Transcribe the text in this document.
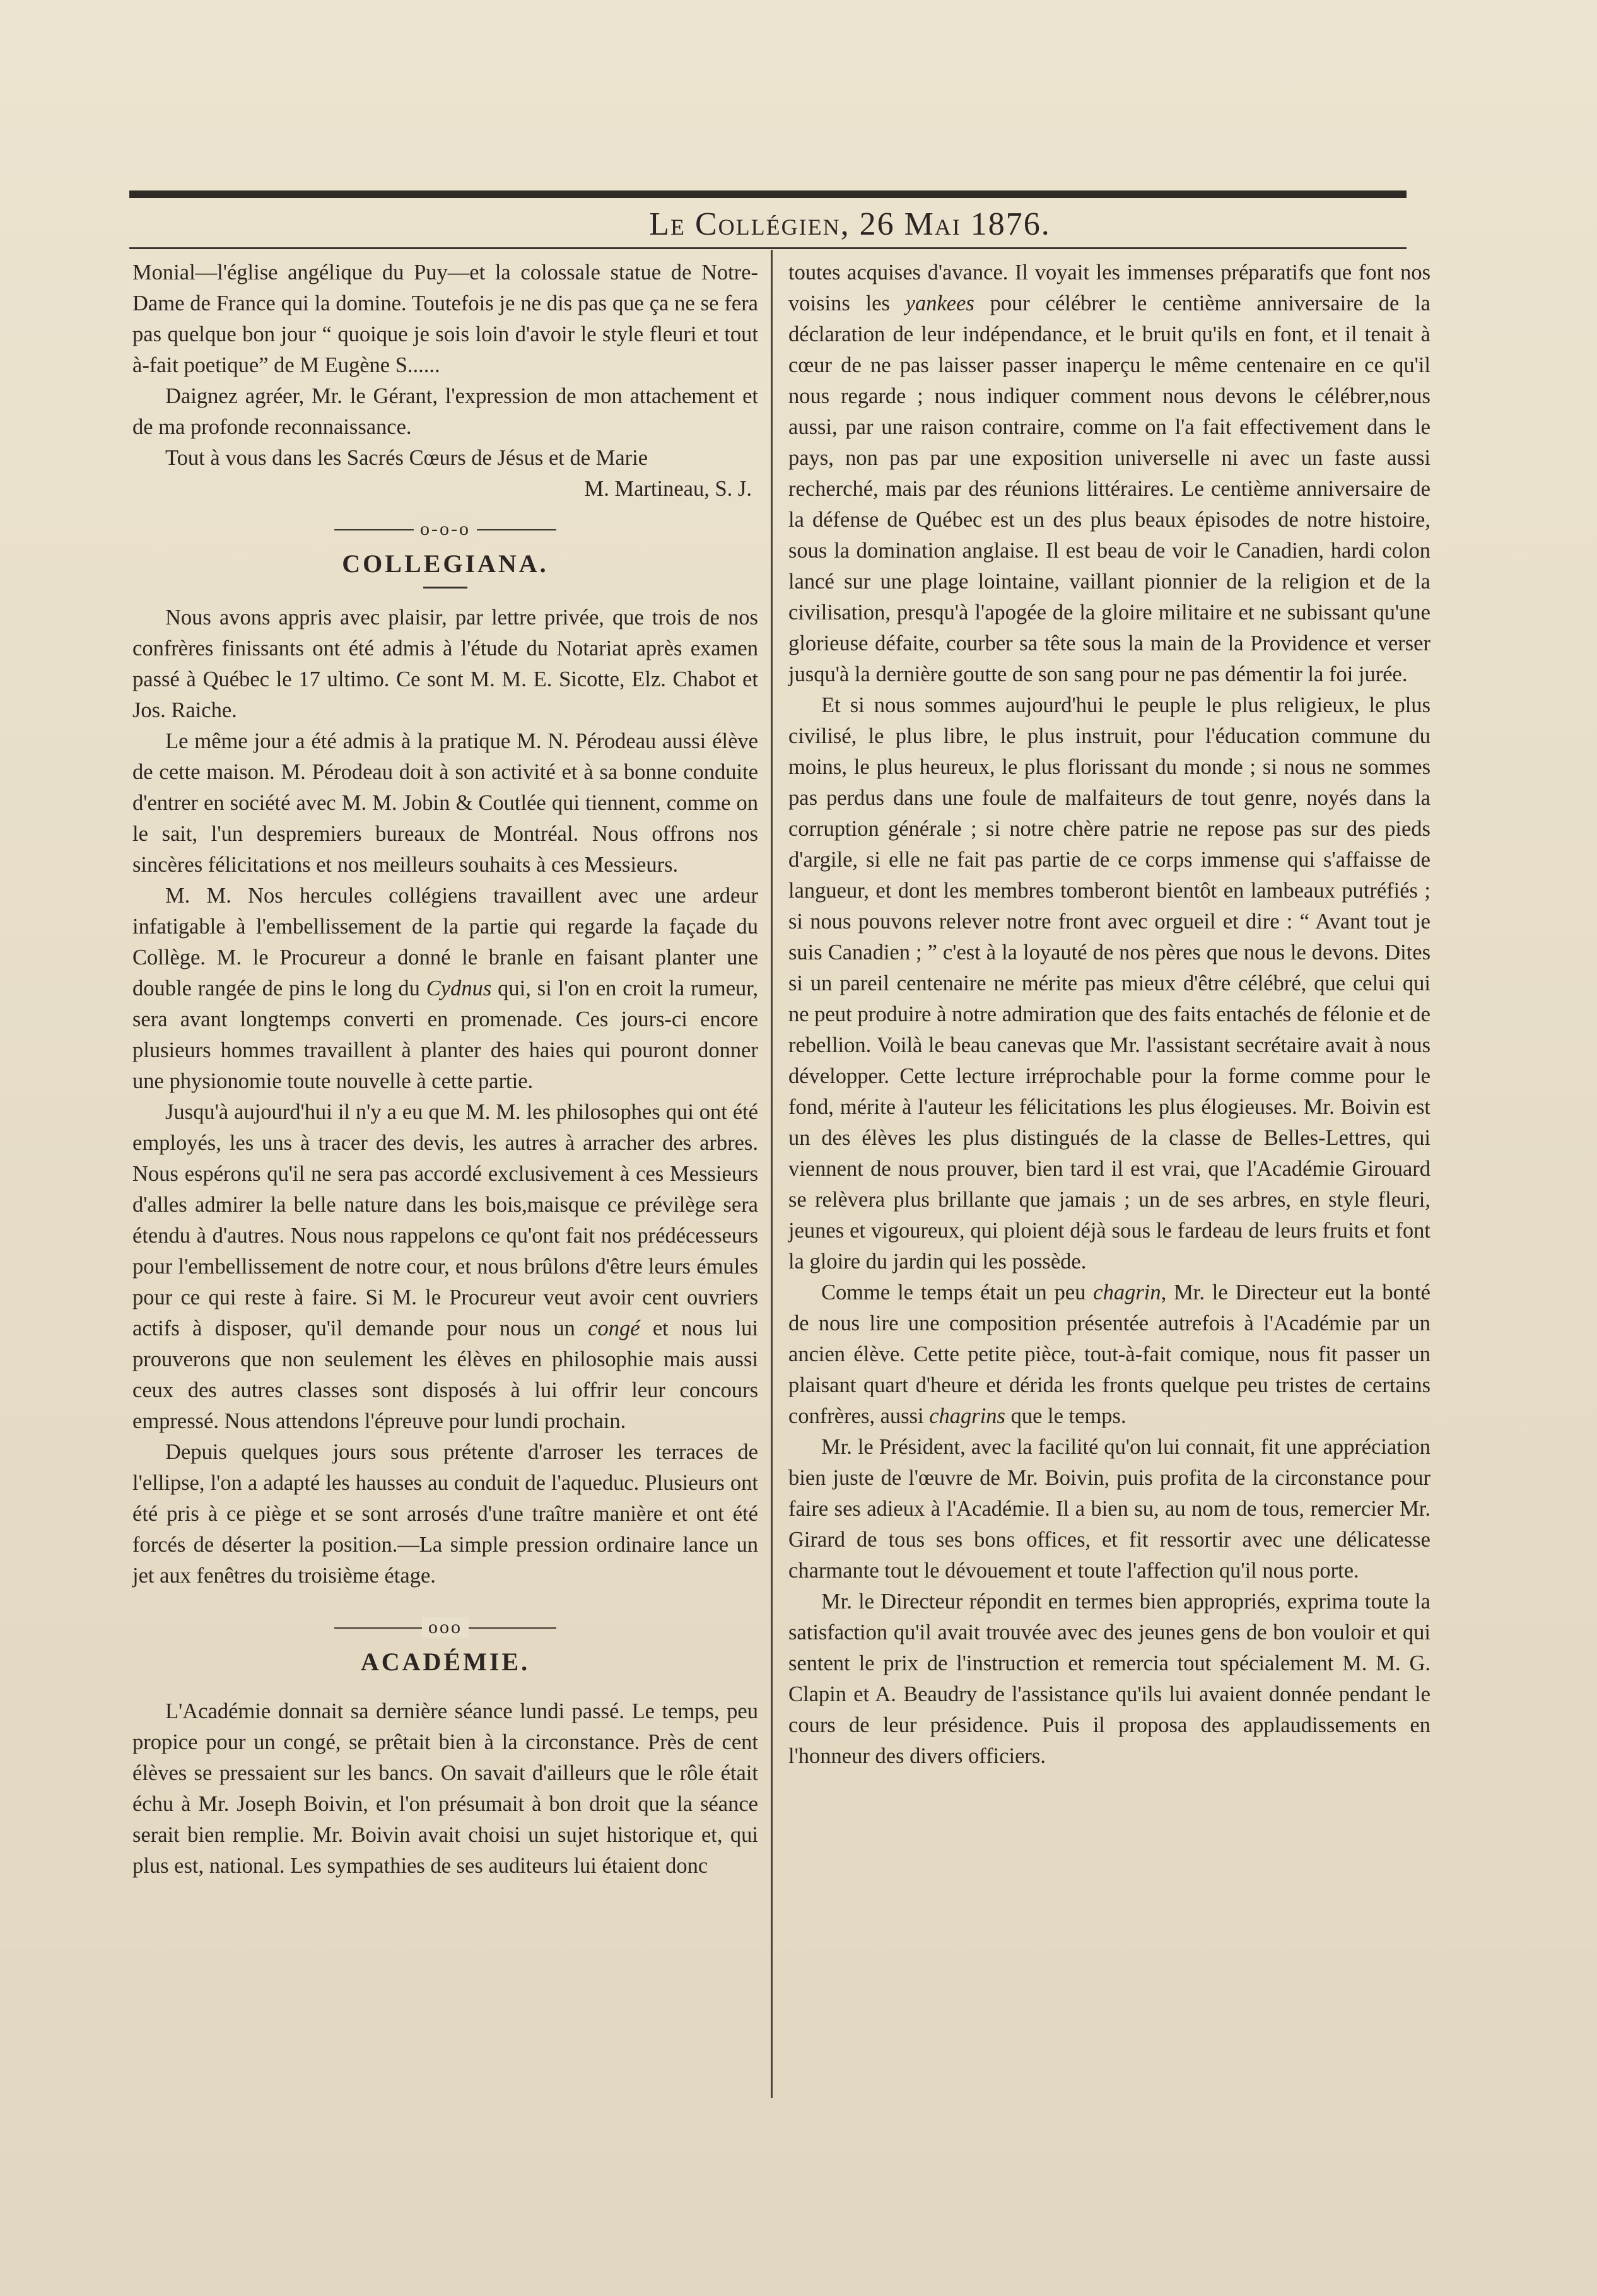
Le Collégien, 26 Mai 1876.

Monial—l'église angélique du Puy—et la colossale statue de Notre-Dame de France qui la domine. Toutefois je ne dis pas que ça ne se fera pas quelque bon jour “ quoique je sois loin d'avoir le style fleuri et tout à-fait poetique” de M Eugène S......

Daignez agréer, Mr. le Gérant, l'expression de mon attachement et de ma profonde reconnaissance.

Tout à vous dans les Sacrés Cœurs de Jésus et de Marie

M. Martineau, S. J.

o-o-o
COLLEGIANA.

Nous avons appris avec plaisir, par lettre privée, que trois de nos confrères finissants ont été admis à l'étude du Notariat après examen passé à Québec le 17 ultimo. Ce sont M. M. E. Sicotte, Elz. Chabot et Jos. Raiche.

Le même jour a été admis à la pratique M. N. Pérodeau aussi élève de cette maison. M. Pérodeau doit à son activité et à sa bonne conduite d'entrer en société avec M. M. Jobin & Coutlée qui tiennent, comme on le sait, l'un despremiers bureaux de Montréal. Nous offrons nos sincères félicitations et nos meilleurs souhaits à ces Messieurs.

M. M. Nos hercules collégiens travaillent avec une ardeur infatigable à l'embellissement de la partie qui regarde la façade du Collège. M. le Procureur a donné le branle en faisant planter une double rangée de pins le long du Cydnus qui, si l'on en croit la rumeur, sera avant longtemps converti en promenade. Ces jours-ci encore plusieurs hommes travaillent à planter des haies qui pouront donner une physionomie toute nouvelle à cette partie.

Jusqu'à aujourd'hui il n'y a eu que M. M. les philosophes qui ont été employés, les uns à tracer des devis, les autres à arracher des arbres. Nous espérons qu'il ne sera pas accordé exclusivement à ces Messieurs d'alles admirer la belle nature dans les bois,maisque ce prévilège sera étendu à d'autres. Nous nous rappelons ce qu'ont fait nos prédécesseurs pour l'embellissement de notre cour, et nous brûlons d'être leurs émules pour ce qui reste à faire. Si M. le Procureur veut avoir cent ouvriers actifs à disposer, qu'il demande pour nous un congé et nous lui prouverons que non seulement les élèves en philosophie mais aussi ceux des autres classes sont disposés à lui offrir leur concours empressé. Nous attendons l'épreuve pour lundi prochain.

Depuis quelques jours sous prétente d'arroser les terraces de l'ellipse, l'on a adapté les hausses au conduit de l'aqueduc. Plusieurs ont été pris à ce piège et se sont arrosés d'une traître manière et ont été forcés de déserter la position.—La simple pression ordinaire lance un jet aux fenêtres du troisième étage.

ooo
ACADÉMIE.

L'Académie donnait sa dernière séance lundi passé. Le temps, peu propice pour un congé, se prêtait bien à la circonstance. Près de cent élèves se pressaient sur les bancs. On savait d'ailleurs que le rôle était échu à Mr. Joseph Boivin, et l'on présumait à bon droit que la séance serait bien remplie. Mr. Boivin avait choisi un sujet historique et, qui plus est, national. Les sympathies de ses auditeurs lui étaient donc

toutes acquises d'avance. Il voyait les immenses préparatifs que font nos voisins les yankees pour célébrer le centième anniversaire de la déclaration de leur indépendance, et le bruit qu'ils en font, et il tenait à cœur de ne pas laisser passer inaperçu le même centenaire en ce qu'il nous regarde ; nous indiquer comment nous devons le célébrer,nous aussi, par une raison contraire, comme on l'a fait effectivement dans le pays, non pas par une exposition universelle ni avec un faste aussi recherché, mais par des réunions littéraires. Le centième anniversaire de la défense de Québec est un des plus beaux épisodes de notre histoire, sous la domination anglaise. Il est beau de voir le Canadien, hardi colon lancé sur une plage lointaine, vaillant pionnier de la religion et de la civilisation, presqu'à l'apogée de la gloire militaire et ne subissant qu'une glorieuse défaite, courber sa tête sous la main de la Providence et verser jusqu'à la dernière goutte de son sang pour ne pas démentir la foi jurée.

Et si nous sommes aujourd'hui le peuple le plus religieux, le plus civilisé, le plus libre, le plus instruit, pour l'éducation commune du moins, le plus heureux, le plus florissant du monde ; si nous ne sommes pas perdus dans une foule de malfaiteurs de tout genre, noyés dans la corruption générale ; si notre chère patrie ne repose pas sur des pieds d'argile, si elle ne fait pas partie de ce corps immense qui s'affaisse de langueur, et dont les membres tomberont bientôt en lambeaux putréfiés ; si nous pouvons relever notre front avec orgueil et dire : “ Avant tout je suis Canadien ; ” c'est à la loyauté de nos pères que nous le devons. Dites si un pareil centenaire ne mérite pas mieux d'être célébré, que celui qui ne peut produire à notre admiration que des faits entachés de félonie et de rebellion. Voilà le beau canevas que Mr. l'assistant secrétaire avait à nous développer. Cette lecture irréprochable pour la forme comme pour le fond, mérite à l'auteur les félicitations les plus élogieuses. Mr. Boivin est un des élèves les plus distingués de la classe de Belles-Lettres, qui viennent de nous prouver, bien tard il est vrai, que l'Académie Girouard se relèvera plus brillante que jamais ; un de ses arbres, en style fleuri, jeunes et vigoureux, qui ploient déjà sous le fardeau de leurs fruits et font la gloire du jardin qui les possède.

Comme le temps était un peu chagrin, Mr. le Directeur eut la bonté de nous lire une composition présentée autrefois à l'Académie par un ancien élève. Cette petite pièce, tout-à-fait comique, nous fit passer un plaisant quart d'heure et dérida les fronts quelque peu tristes de certains confrères, aussi chagrins que le temps.

Mr. le Président, avec la facilité qu'on lui connait, fit une appréciation bien juste de l'œuvre de Mr. Boivin, puis profita de la circonstance pour faire ses adieux à l'Académie. Il a bien su, au nom de tous, remercier Mr. Girard de tous ses bons offices, et fit ressortir avec une délicatesse charmante tout le dévouement et toute l'affection qu'il nous porte.

Mr. le Directeur répondit en termes bien appropriés, exprima toute la satisfaction qu'il avait trouvée avec des jeunes gens de bon vouloir et qui sentent le prix de l'instruction et remercia tout spécialement M. M. G. Clapin et A. Beaudry de l'assistance qu'ils lui avaient donnée pendant le cours de leur présidence. Puis il proposa des applaudissements en l'honneur des divers officiers.
